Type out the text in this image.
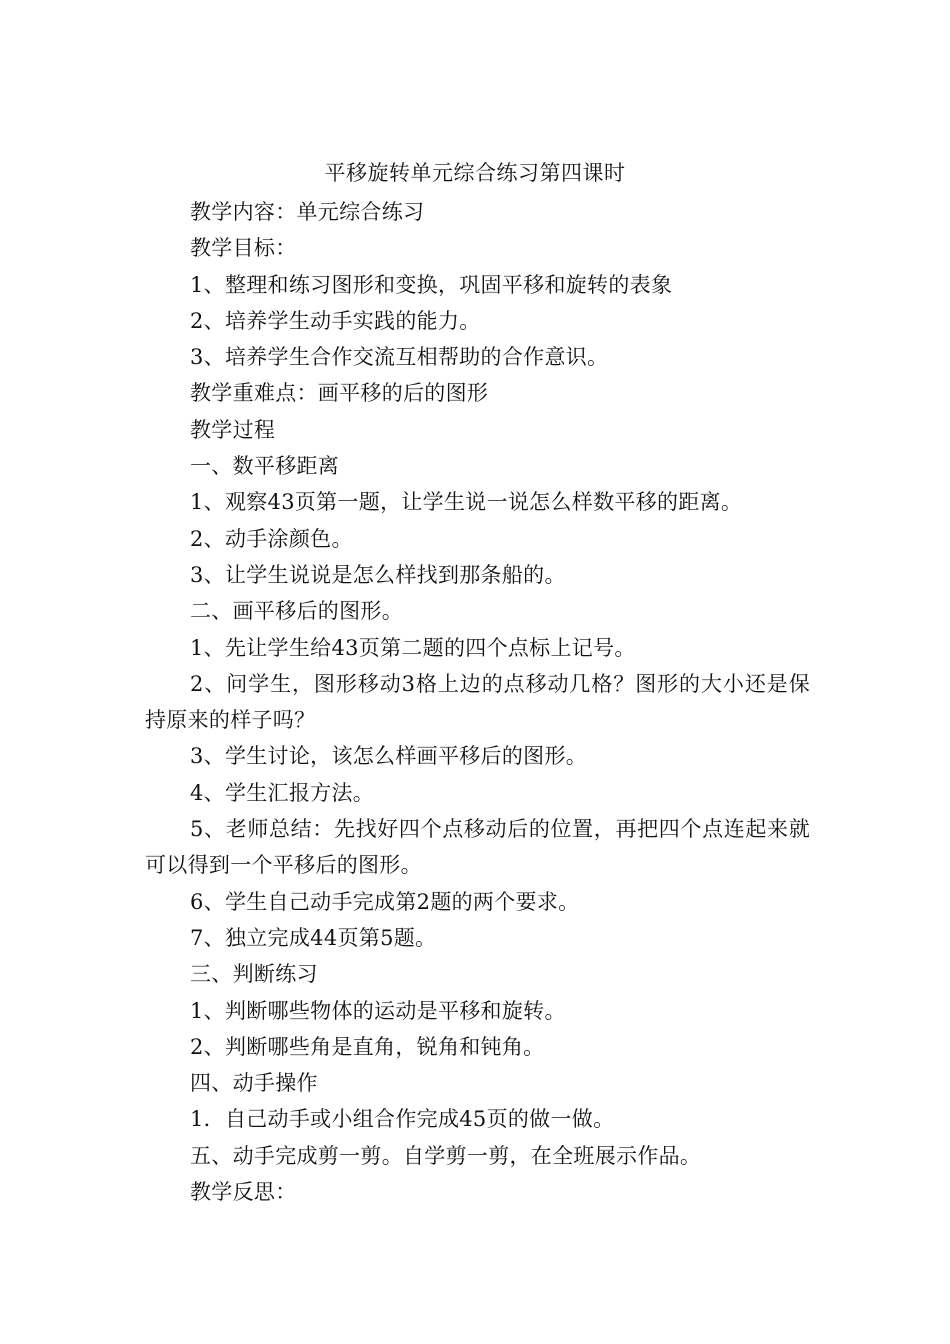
平移旋转单元综合练习第四课时

教学内容：单元综合练习

教学目标：

1、整理和练习图形和变换，巩固平移和旋转的表象

2、培养学生动手实践的能力。

3、培养学生合作交流互相帮助的合作意识。

教学重难点：画平移的后的图形

教学过程

一、数平移距离

1、观察43页第一题，让学生说一说怎么样数平移的距离。

2、动手涂颜色。

3、让学生说说是怎么样找到那条船的。

二、画平移后的图形。

1、先让学生给43页第二题的四个点标上记号。

2、问学生，图形移动3格上边的点移动几格？图形的大小还是保持原来的样子吗？

3、学生讨论，该怎么样画平移后的图形。

4、学生汇报方法。

5、老师总结：先找好四个点移动后的位置，再把四个点连起来就可以得到一个平移后的图形。

6、学生自己动手完成第2题的两个要求。

7、独立完成44页第5题。

三、判断练习

1、判断哪些物体的运动是平移和旋转。

2、判断哪些角是直角，锐角和钝角。

四、动手操作

1．自己动手或小组合作完成45页的做一做。

五、动手完成剪一剪。自学剪一剪，在全班展示作品。

教学反思：
